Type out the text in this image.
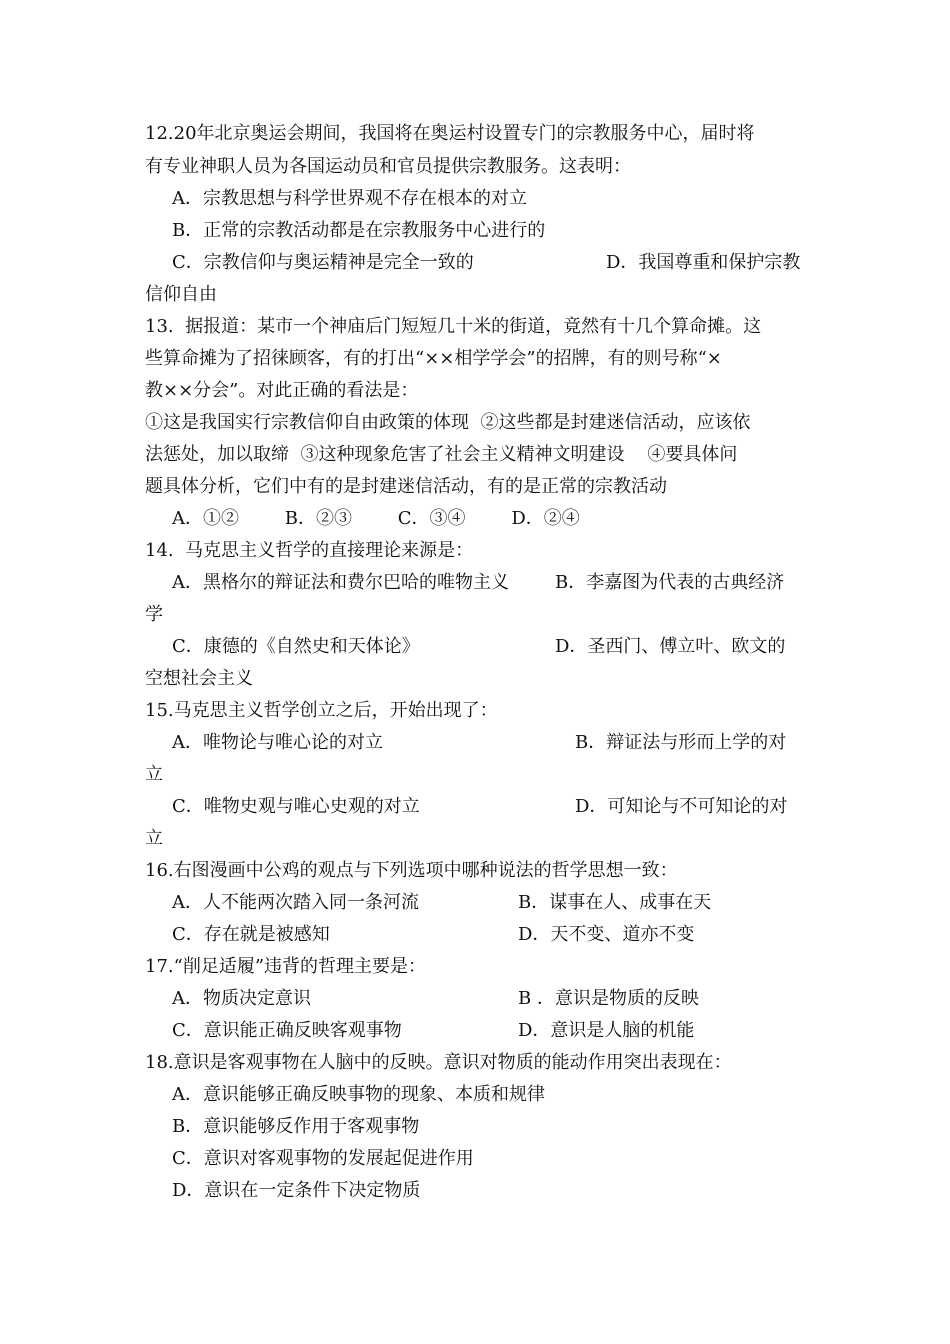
12.20年北京奥运会期间，我国将在奥运村设置专门的宗教服务中心，届时将
有专业神职人员为各国运动员和官员提供宗教服务。这表明：
A．宗教思想与科学世界观不存在根本的对立
B．正常的宗教活动都是在宗教服务中心进行的
C．宗教信仰与奥运精神是完全一致的	D．我国尊重和保护宗教
信仰自由
13.  据报道：某市一个神庙后门短短几十米的街道，竟然有十几个算命摊。这
些算命摊为了招徕顾客，有的打出“××相学学会”的招牌，有的则号称“×
教××分会”。对此正确的看法是：
①这是我国实行宗教信仰自由政策的体现  ②这些都是封建迷信活动，应该依
法惩处，加以取缔  ③这种现象危害了社会主义精神文明建设    ④要具体问
题具体分析，它们中有的是封建迷信活动，有的是正常的宗教活动
A．①②        B．②③        C．③④        D．②④
14.  马克思主义哲学的直接理论来源是：
A．黑格尔的辩证法和费尔巴哈的唯物主义	B．李嘉图为代表的古典经济
学
C．康德的《自然史和天体论》	D．圣西门、傅立叶、欧文的
空想社会主义
15.马克思主义哲学创立之后，开始出现了：
A．唯物论与唯心论的对立	B．辩证法与形而上学的对
立
C．唯物史观与唯心史观的对立	D．可知论与不可知论的对
立
16.右图漫画中公鸡的观点与下列选项中哪种说法的哲学思想一致：
A．人不能两次踏入同一条河流	B．谋事在人、成事在天
C．存在就是被感知	D．天不变、道亦不变
17.“削足适履”违背的哲理主要是：
A．物质决定意识	B ．意识是物质的反映
C．意识能正确反映客观事物	D．意识是人脑的机能
18.意识是客观事物在人脑中的反映。意识对物质的能动作用突出表现在：
A．意识能够正确反映事物的现象、本质和规律
B．意识能够反作用于客观事物
C．意识对客观事物的发展起促进作用
D．意识在一定条件下决定物质
